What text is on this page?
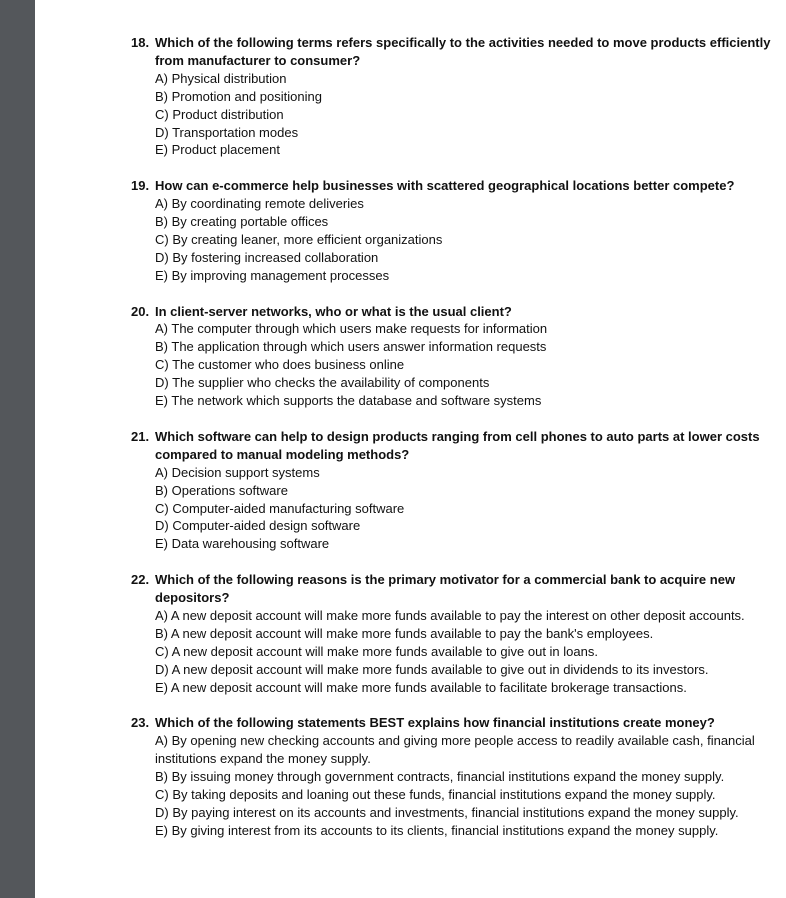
18. Which of the following terms refers specifically to the activities needed to move products efficiently from manufacturer to consumer?
A) Physical distribution
B) Promotion and positioning
C) Product distribution
D) Transportation modes
E) Product placement
19. How can e-commerce help businesses with scattered geographical locations better compete?
A) By coordinating remote deliveries
B) By creating portable offices
C) By creating leaner, more efficient organizations
D) By fostering increased collaboration
E) By improving management processes
20. In client-server networks, who or what is the usual client?
A) The computer through which users make requests for information
B) The application through which users answer information requests
C) The customer who does business online
D) The supplier who checks the availability of components
E) The network which supports the database and software systems
21. Which software can help to design products ranging from cell phones to auto parts at lower costs compared to manual modeling methods?
A) Decision support systems
B) Operations software
C) Computer-aided manufacturing software
D) Computer-aided design software
E) Data warehousing software
22. Which of the following reasons is the primary motivator for a commercial bank to acquire new depositors?
A) A new deposit account will make more funds available to pay the interest on other deposit accounts.
B) A new deposit account will make more funds available to pay the bank's employees.
C) A new deposit account will make more funds available to give out in loans.
D) A new deposit account will make more funds available to give out in dividends to its investors.
E) A new deposit account will make more funds available to facilitate brokerage transactions.
23. Which of the following statements BEST explains how financial institutions create money?
A) By opening new checking accounts and giving more people access to readily available cash, financial institutions expand the money supply.
B) By issuing money through government contracts, financial institutions expand the money supply.
C) By taking deposits and loaning out these funds, financial institutions expand the money supply.
D) By paying interest on its accounts and investments, financial institutions expand the money supply.
E) By giving interest from its accounts to its clients, financial institutions expand the money supply.
